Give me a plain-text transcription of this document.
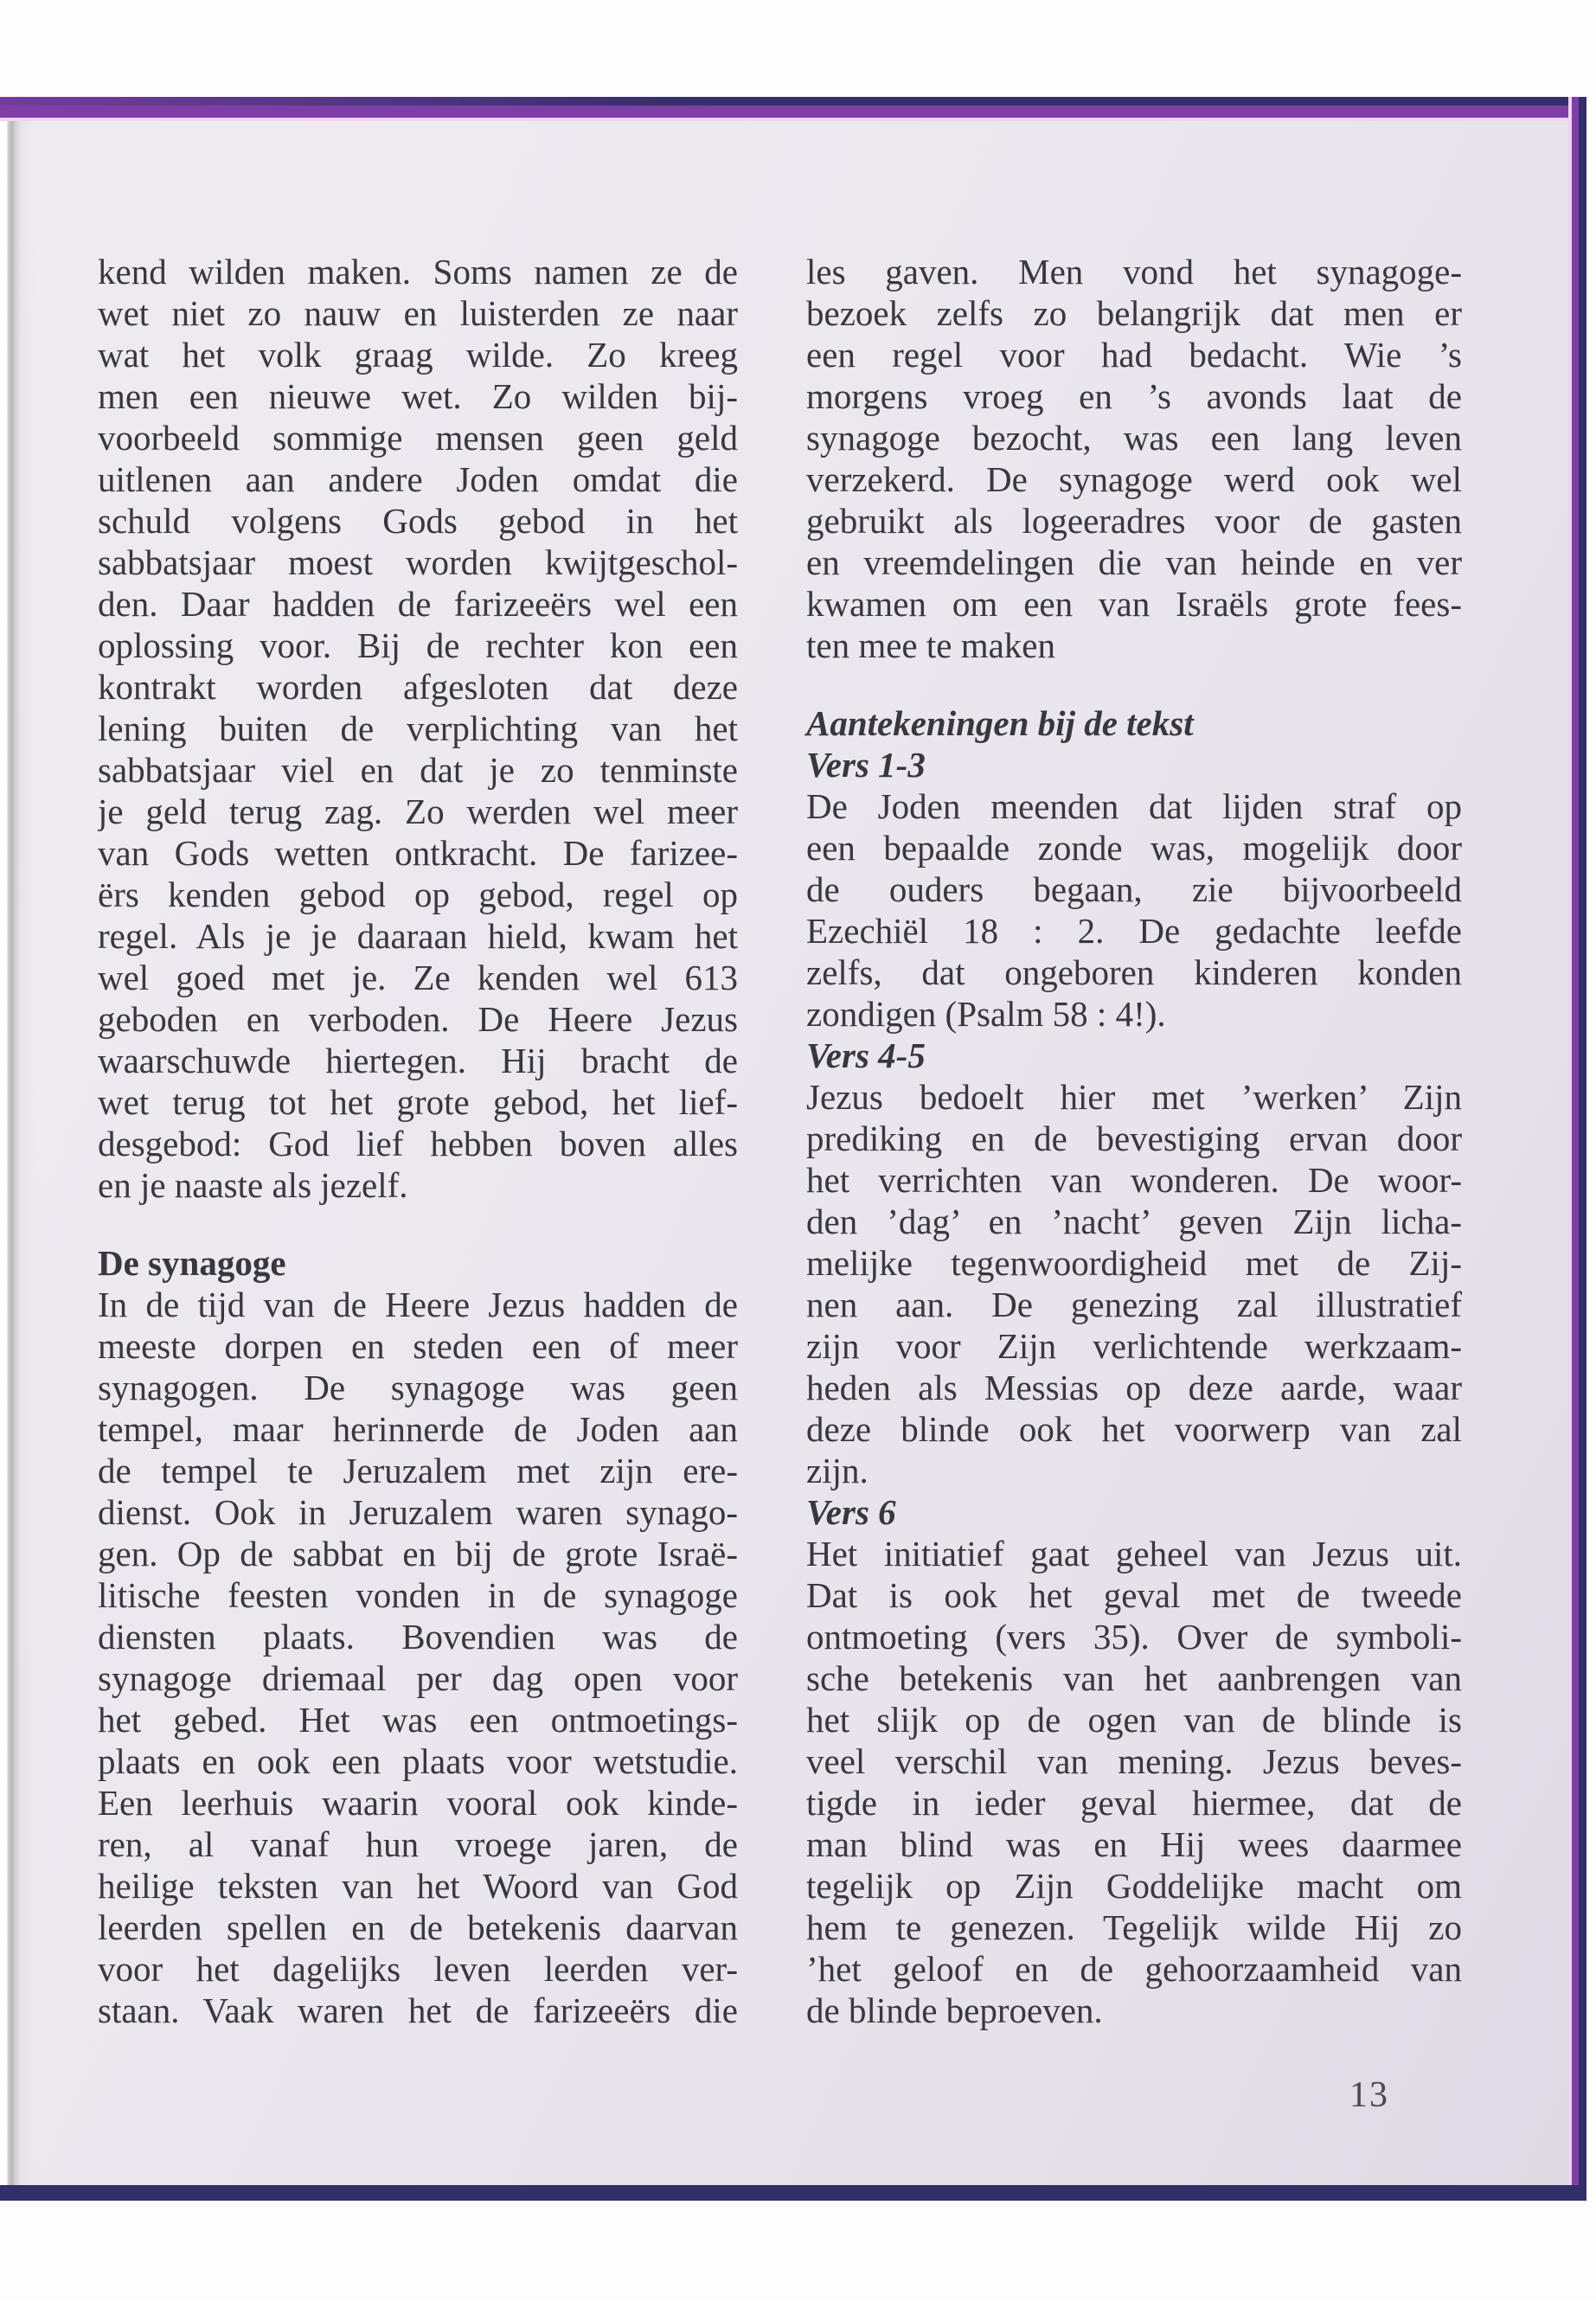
kend wilden maken. Soms namen ze de
wet niet zo nauw en luisterden ze naar
wat het volk graag wilde. Zo kreeg
men een nieuwe wet. Zo wilden bij-
voorbeeld sommige mensen geen geld
uitlenen aan andere Joden omdat die
schuld volgens Gods gebod in het
sabbatsjaar moest worden kwijtgeschol-
den. Daar hadden de farizeeërs wel een
oplossing voor. Bij de rechter kon een
kontrakt worden afgesloten dat deze
lening buiten de verplichting van het
sabbatsjaar viel en dat je zo tenminste
je geld terug zag. Zo werden wel meer
van Gods wetten ontkracht. De farizee-
ërs kenden gebod op gebod, regel op
regel. Als je je daaraan hield, kwam het
wel goed met je. Ze kenden wel 613
geboden en verboden. De Heere Jezus
waarschuwde hiertegen. Hij bracht de
wet terug tot het grote gebod, het lief-
desgebod: God lief hebben boven alles
en je naaste als jezelf.
De synagoge
In de tijd van de Heere Jezus hadden de
meeste dorpen en steden een of meer
synagogen. De synagoge was geen
tempel, maar herinnerde de Joden aan
de tempel te Jeruzalem met zijn ere-
dienst. Ook in Jeruzalem waren synago-
gen. Op de sabbat en bij de grote Israë-
litische feesten vonden in de synagoge
diensten plaats. Bovendien was de
synagoge driemaal per dag open voor
het gebed. Het was een ontmoetings-
plaats en ook een plaats voor wetstudie.
Een leerhuis waarin vooral ook kinde-
ren, al vanaf hun vroege jaren, de
heilige teksten van het Woord van God
leerden spellen en de betekenis daarvan
voor het dagelijks leven leerden ver-
staan. Vaak waren het de farizeeërs die
les gaven. Men vond het synagoge-
bezoek zelfs zo belangrijk dat men er
een regel voor had bedacht. Wie ’s
morgens vroeg en ’s avonds laat de
synagoge bezocht, was een lang leven
verzekerd. De synagoge werd ook wel
gebruikt als logeeradres voor de gasten
en vreemdelingen die van heinde en ver
kwamen om een van Israëls grote fees-
ten mee te maken
Aantekeningen bij de tekst
Vers 1-3
De Joden meenden dat lijden straf op
een bepaalde zonde was, mogelijk door
de ouders begaan, zie bijvoorbeeld
Ezechiël 18 : 2. De gedachte leefde
zelfs, dat ongeboren kinderen konden
zondigen (Psalm 58 : 4!).
Vers 4-5
Jezus bedoelt hier met ’werken’ Zijn
prediking en de bevestiging ervan door
het verrichten van wonderen. De woor-
den ’dag’ en ’nacht’ geven Zijn licha-
melijke tegenwoordigheid met de Zij-
nen aan. De genezing zal illustratief
zijn voor Zijn verlichtende werkzaam-
heden als Messias op deze aarde, waar
deze blinde ook het voorwerp van zal
zijn.
Vers 6
Het initiatief gaat geheel van Jezus uit.
Dat is ook het geval met de tweede
ontmoeting (vers 35). Over de symboli-
sche betekenis van het aanbrengen van
het slijk op de ogen van de blinde is
veel verschil van mening. Jezus beves-
tigde in ieder geval hiermee, dat de
man blind was en Hij wees daarmee
tegelijk op Zijn Goddelijke macht om
hem te genezen. Tegelijk wilde Hij zo
’het geloof en de gehoorzaamheid van
de blinde beproeven.
13
